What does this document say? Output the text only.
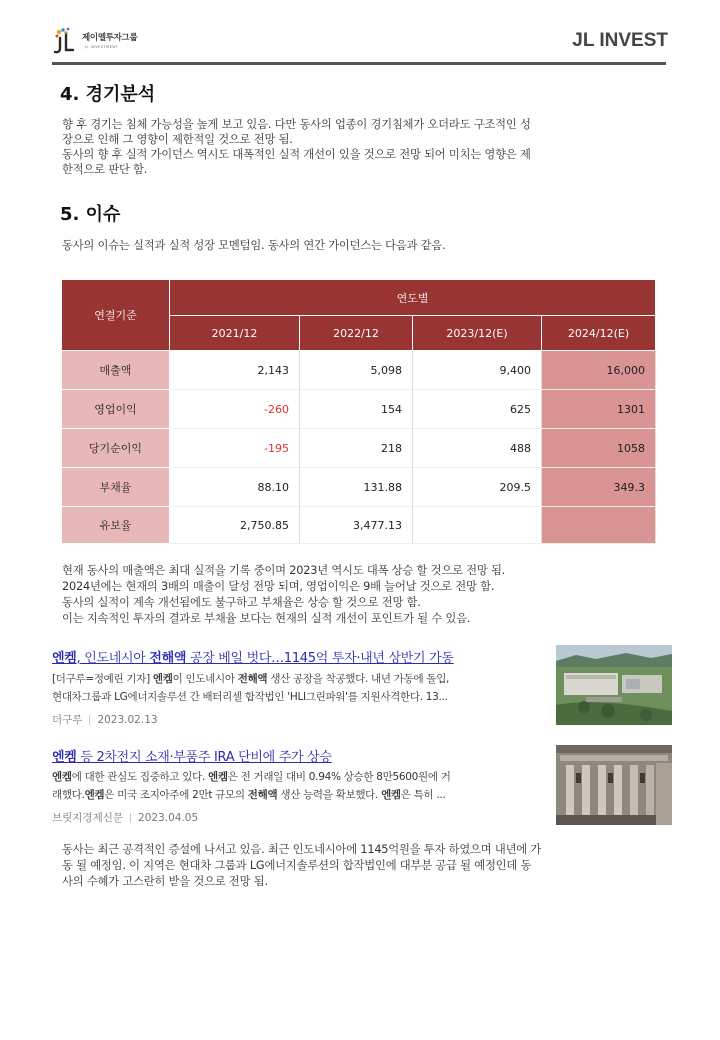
제이엘투자그룹
JL INVESTMENT	JL INVEST
4. 경기분석
향 후 경기는 침체 가능성을 높게 보고 있음. 다만 동사의 업종이 경기침체가 오더라도 구조적인 성
장으로 인해 그 영향이 제한적일 것으로 전망 됨.
동사의 향 후 실적 가이던스 역시도 대폭적인 실적 개선이 있을 것으로 전망 되어 미치는 영향은 제
한적으로 판단 함.
5. 이슈
동사의 이슈는 실적과 실적 성장 모멘텀임. 동사의 연간 가이던스는 다음과 같음.
연결기준	연도별			
	2021/12	2022/12	2023/12(E)	2024/12(E)
매출액	2,143	5,098	9,400	16,000
영업이익	-260	154	625	1301
당기순이익	-195	218	488	1058
부채율	88.10	131.88	209.5	349.3
유보율	2,750.85	3,477.13		
현재 동사의 매출액은 최대 실적을 기록 중이며 2023년 역시도 대폭 상승 할 것으로 전망 됨.
2024년에는 현재의 3배의 매출이 달성 전망 되며, 영업이익은 9배 늘어날 것으로 전망 함.
동사의 실적이 계속 개선됨에도 불구하고 부채율은 상승 할 것으로 전망 함.
이는 지속적인 투자의 결과로 부채율 보다는 현재의 실적 개선이 포인트가 될 수 있음.
엔켐, 인도네시아 전해액 공장 베일 벗다…1145억 투자·내년 상반기 가동
[더구루=정예린 기자] 엔켐이 인도네시아 전해액 생산 공장을 착공했다. 내년 가동에 돌입,
현대차그룹과 LG에너지솔루션 간 배터리셀 합작법인 'HLI그린파워'를 지원사격한다. 13...
더구루 2023.02.13
엔켐 등 2차전지 소재·부품주 IRA 단비에 주가 상승
엔켐에 대한 관심도 집중하고 있다. 엔켐은 전 거래일 대비 0.94% 상승한 8만5600원에 거
래했다.엔켐은 미국 조지아주에 2만t 규모의 전해액 생산 능력을 확보했다. 엔켐은 특히 ...
브릿지경제신문 2023.04.05
동사는 최근 공격적인 증설에 나서고 있음. 최근 인도네시아에 1145억원을 투자 하였으며 내년에 가
동 될 예정임. 이 지역은 현대차 그룹과 LG에너지솔루션의 합작법인에 대부분 공급 될 예정인데 동
사의 수혜가 고스란히 받을 것으로 전망 됨.
